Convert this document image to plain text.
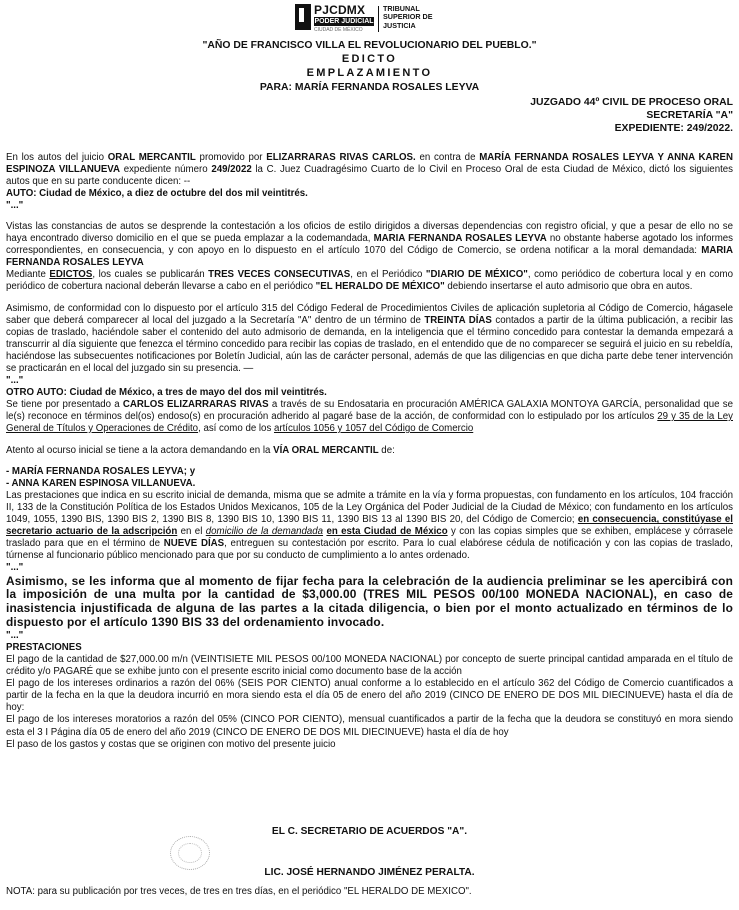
PJCDMX
PODER JUDICIAL
CIUDAD DE MÉXICO
TRIBUNAL
SUPERIOR DE
JUSTICIA
"AÑO DE FRANCISCO VILLA EL REVOLUCIONARIO DEL PUEBLO."
EDICTO
EMPLAZAMIENTO
PARA: MARÍA FERNANDA ROSALES LEYVA
JUZGADO 44º CIVIL DE PROCESO ORAL
SECRETARÍA "A"
EXPEDIENTE: 249/2022.

En los autos del juicio ORAL MERCANTIL promovido por ELIZARRARAS RIVAS CARLOS. en contra de MARÍA FERNANDA ROSALES LEYVA Y ANNA KAREN ESPINOZA VILLANUEVA expediente número 249/2022 la C. Juez Cuadragésimo Cuarto de lo Civil en Proceso Oral de esta Ciudad de México, dictó los siguientes autos que en su parte conducente dicen: --

AUTO: Ciudad de México, a diez de octubre del dos mil veintitrés.

"..."

Vistas las constancias de autos se desprende la contestación a los oficios de estilo dirigidos a diversas dependencias con registro oficial, y que a pesar de ello no se haya encontrado diverso domicilio en el que se pueda emplazar a la codemandada, MARIA FERNANDA ROSALES LEYVA no obstante haberse agotado los informes correspondientes, en consecuencia, y con apoyo en lo dispuesto en el artículo 1070 del Código de Comercio, se ordena notificar a la moral demandada: MARIA FERNANDA ROSALES LEYVA

Mediante EDICTOS, los cuales se publicarán TRES VECES CONSECUTIVAS, en el Periódico "DIARIO DE MÉXICO", como periódico de cobertura local y en como periódico de cobertura nacional deberán llevarse a cabo en el periódico "EL HERALDO DE MÉXICO" debiendo insertarse el auto admisorio que obra en autos.

Asimismo, de conformidad con lo dispuesto por el artículo 315 del Código Federal de Procedimientos Civiles de aplicación supletoria al Código de Comercio, hágasele saber que deberá comparecer al local del juzgado a la Secretaría "A" dentro de un término de TREINTA DÍAS contados a partir de la última publicación, a recibir las copias de traslado, haciéndole saber el contenido del auto admisorio de demanda, en la inteligencia que el término concedido para contestar la demanda empezará a transcurrir al día siguiente que fenezca el término concedido para recibir las copias de traslado, en el entendido que de no comparecer se seguirá el juicio en su rebeldía, haciéndose las subsecuentes notificaciones por Boletín Judicial, aún las de carácter personal, además de que las diligencias en que dicha parte debe tener intervención se practicarán en el local del juzgado sin su presencia. —

"..."

OTRO AUTO: Ciudad de México, a tres de mayo del dos mil veintitrés.

Se tiene por presentado a CARLOS ELIZARRARAS RIVAS a través de su Endosataria en procuración AMÉRICA GALAXIA MONTOYA GARCÍA, personalidad que se le(s) reconoce en términos del(os) endoso(s) en procuración adherido al pagaré base de la acción, de conformidad con lo estipulado por los artículos 29 y 35 de la Ley General de Títulos y Operaciones de Crédito, así como de los artículos 1056 y 1057 del Código de Comercio

Atento al ocurso inicial se tiene a la actora demandando en la VÍA ORAL MERCANTIL de:

- MARÍA FERNANDA ROSALES LEYVA; y

- ANNA KAREN ESPINOSA VILLANUEVA.

Las prestaciones que indica en su escrito inicial de demanda, misma que se admite a trámite en la vía y forma propuestas, con fundamento en los artículos, 104 fracción II, 133 de la Constitución Política de los Estados Unidos Mexicanos, 105 de la Ley Orgánica del Poder Judicial de la Ciudad de México; con fundamento en los artículos 1049, 1055, 1390 BIS, 1390 BIS 2, 1390 BIS 8, 1390 BIS 10, 1390 BIS 11, 1390 BIS 13 al 1390 BIS 20, del Código de Comercio; en consecuencia, constitúyase el secretario actuario de la adscripción en el domicilio de la demandada en esta Ciudad de México y con las copias simples que se exhiben, emplácese y córrasele traslado para que en el término de NUEVE DÍAS, entreguen su contestación por escrito. Para lo cual elabórese cédula de notificación y con las copias de traslado, túrnense al funcionario público mencionado para que por su conducto de cumplimiento a lo antes ordenado.

"..."

Asimismo, se les informa que al momento de fijar fecha para la celebración de la audiencia preliminar se les apercibirá con la imposición de una multa por la cantidad de $3,000.00 (TRES MIL PESOS 00/100 MONEDA NACIONAL), en caso de inasistencia injustificada de alguna de las partes a la citada diligencia, o bien por el monto actualizado en términos de lo dispuesto por el artículo 1390 BIS 33 del ordenamiento invocado.

"..."

PRESTACIONES

El pago de la cantidad de $27,000.00 m/n (VEINTISIETE MIL PESOS 00/100 MONEDA NACIONAL) por concepto de suerte principal cantidad amparada en el título de crédito y/o PAGARÉ que se exhibe junto con el presente escrito inicial como documento base de la acción

El pago de los intereses ordinarios a razón del 06% (SEIS POR CIENTO) anual conforme a lo establecido en el artículo 362 del Código de Comercio cuantificados a partir de la fecha en la que la deudora incurrió en mora siendo esta el día 05 de enero del año 2019 (CINCO DE ENERO DE DOS MIL DIECINUEVE) hasta el día de hoy:

El pago de los intereses moratorios a razón del 05% (CINCO POR CIENTO), mensual cuantificados a partir de la fecha que la deudora se constituyó en mora siendo esta el 3 I Página día 05 de enero del año 2019 (CINCO DE ENERO DE DOS MIL DIECINUEVE) hasta el día de hoy

El paso de los gastos y costas que se originen con motivo del presente juicio

EL C. SECRETARIO DE ACUERDOS "A".
LIC. JOSÉ HERNANDO JIMÉNEZ PERALTA.
NOTA: para su publicación por tres veces, de tres en tres días, en el periódico "EL HERALDO DE MEXICO".
